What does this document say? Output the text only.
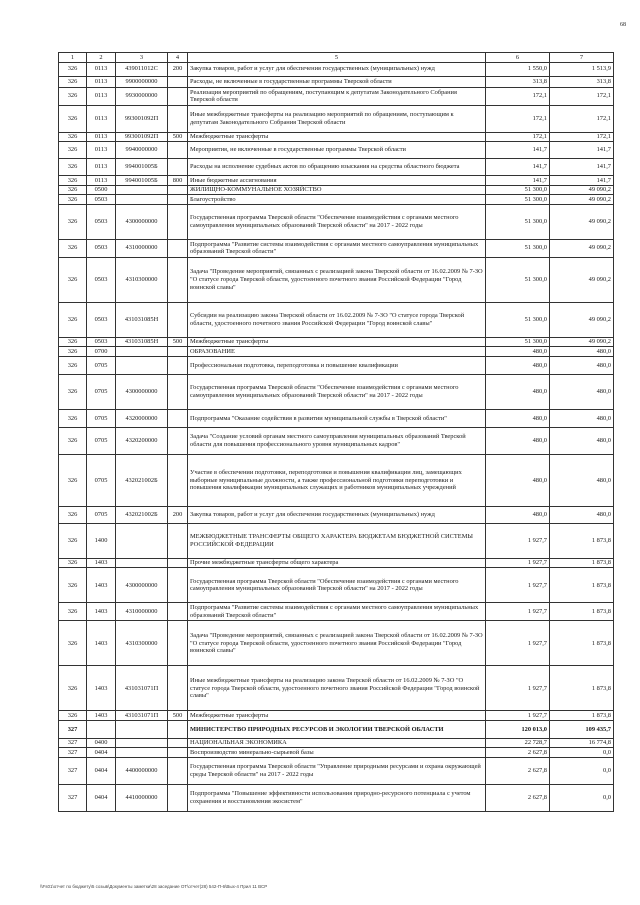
68
1	2	3	4	5	6	7
326	0113	439011012С	200	Закупка товаров, работ и услуг для обеспечения государственных (муниципальных) нужд	1 550,0	1 513,9
326	0113	9900000000		Расходы, не включенные в государственные программы Тверской области	313,8	313,8
326	0113	9930000000		Реализация мероприятий по обращениям, поступающим к депутатам Законодательного Собрания Тверской области	172,1	172,1
326	0113	993001092П		Иные межбюджетные трансферты на реализацию мероприятий по обращениям, поступающим к депутатам Законодательного Собрания Тверской области	172,1	172,1
326	0113	993001092П	500	Межбюджетные трансферты	172,1	172,1
326	0113	9940000000		Мероприятия, не включенные в государственные программы Тверской области	141,7	141,7
326	0113	994001005Б		Расходы на исполнение судебных актов по обращению взыскания на средства областного бюджета	141,7	141,7
326	0113	994001005Б	800	Иные бюджетные ассигнования	141,7	141,7
326	0500			ЖИЛИЩНО-КОММУНАЛЬНОЕ ХОЗЯЙСТВО	51 300,0	49 090,2
326	0503			Благоустройство	51 300,0	49 090,2
326	0503	4300000000		Государственная программа Тверской области "Обеспечение взаимодействия с органами местного самоуправления муниципальных образований Тверской области" на 2017 - 2022 годы	51 300,0	49 090,2
326	0503	4310000000		Подпрограмма "Развитие системы взаимодействия с органами местного самоуправления муниципальных образований Тверской области"	51 300,0	49 090,2
326	0503	4310300000		Задача "Проведение мероприятий, связанных с реализацией закона Тверской области от 16.02.2009 № 7-ЗО "О статусе города Тверской области, удостоенного почетного звания Российской Федерации "Город воинской славы"	51 300,0	49 090,2
326	0503	431031085Н		Субсидии на реализацию закона Тверской области от 16.02.2009 № 7-ЗО "О статусе города Тверской области, удостоенного почетного звания Российской Федерации "Город воинской славы"	51 300,0	49 090,2
326	0503	431031085Н	500	Межбюджетные трансферты	51 300,0	49 090,2
326	0700			ОБРАЗОВАНИЕ	480,0	480,0
326	0705			Профессиональная подготовка, переподготовка и повышение квалификации	480,0	480,0
326	0705	4300000000		Государственная программа Тверской области "Обеспечение взаимодействия с органами местного самоуправления муниципальных образований Тверской области" на 2017 - 2022 годы	480,0	480,0
326	0705	4320000000		Подпрограмма "Оказание содействия в развитии муниципальной службы в Тверской области"	480,0	480,0
326	0705	4320200000		Задача "Создание условий органам местного самоуправления муниципальных образований Тверской области для повышения профессионального уровня муниципальных кадров"	480,0	480,0
326	0705	432021002Б		Участие в обеспечении подготовки, переподготовки и повышения квалификации лиц, замещающих выборные муниципальные должности, а также профессиональной подготовки переподготовки и повышения квалификации муниципальных служащих и работников муниципальных учреждений	480,0	480,0
326	0705	432021002Б	200	Закупка товаров, работ и услуг для обеспечения государственных (муниципальных) нужд	480,0	480,0
326	1400			МЕЖБЮДЖЕТНЫЕ ТРАНСФЕРТЫ ОБЩЕГО ХАРАКТЕРА БЮДЖЕТАМ БЮДЖЕТНОЙ СИСТЕМЫ РОССИЙСКОЙ ФЕДЕРАЦИИ	1 927,7	1 873,8
326	1403			Прочие межбюджетные трансферты общего характера	1 927,7	1 873,8
326	1403	4300000000		Государственная программа Тверской области "Обеспечение взаимодействия с органами местного самоуправления муниципальных образований Тверской области" на 2017 - 2022 годы	1 927,7	1 873,8
326	1403	4310000000		Подпрограмма "Развитие системы взаимодействия с органами местного самоуправления муниципальных образований Тверской области"	1 927,7	1 873,8
326	1403	4310300000		Задача "Проведение мероприятий, связанных с реализацией закона Тверской области от 16.02.2009 № 7-ЗО "О статусе города Тверской области, удостоенного почетного звания Российской Федерации "Город воинской славы"	1 927,7	1 873,8
326	1403	431031071П		Иные межбюджетные трансферты на реализацию закона Тверской области от 16.02.2009 № 7-ЗО "О статусе города Тверской области, удостоенного почетного звания Российской Федерации "Город воинской славы"	1 927,7	1 873,8
326	1403	431031071П	500	Межбюджетные трансферты	1 927,7	1 873,8
327				МИНИСТЕРСТВО ПРИРОДНЫХ РЕСУРСОВ И ЭКОЛОГИИ ТВЕРСКОЙ ОБЛАСТИ	120 013,0	109 435,7
327	0400			НАЦИОНАЛЬНАЯ ЭКОНОМИКА	22 728,7	16 774,8
327	0404			Воспроизводство минерально-сырьевой базы	2 627,8	0,0
327	0404	4400000000		Государственная программа Тверской области "Управление природными ресурсами и охрана окружающей среды Тверской области" на 2017 - 2022 годы	2 627,8	0,0
327	0404	4410000000		Подпрограмма "Повышение эффективности использования природно-ресурсного потенциала с учетом сохранения и восстановления экосистем"	2 627,8	0,0
\\Fs01\отчет по бюджету\5 созыв\Документы заметки\28 заседание ОТ\отчет(28) 542-П-6\Вых-4 Прил 11 ВСР
